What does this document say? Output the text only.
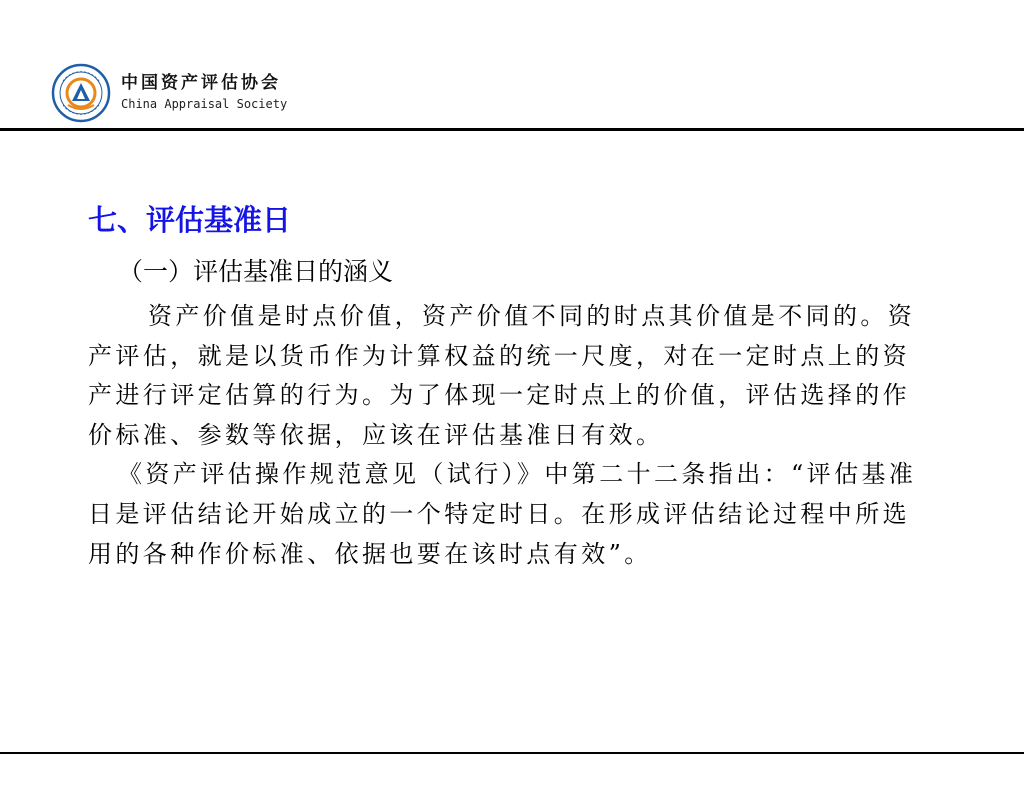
中国资产评估协会
China Appraisal Society
七、评估基准日
（一）评估基准日的涵义

资产价值是时点价值，资产价值不同的时点其价值是不同的。资产评估，就是以货币作为计算权益的统一尺度，对在一定时点上的资产进行评定估算的行为。为了体现一定时点上的价值，评估选择的作价标准、参数等依据，应该在评估基准日有效。

《资产评估操作规范意见（试行）》中第二十二条指出：“评估基准日是评估结论开始成立的一个特定时日。在形成评估结论过程中所选用的各种作价标准、依据也要在该时点有效”。
